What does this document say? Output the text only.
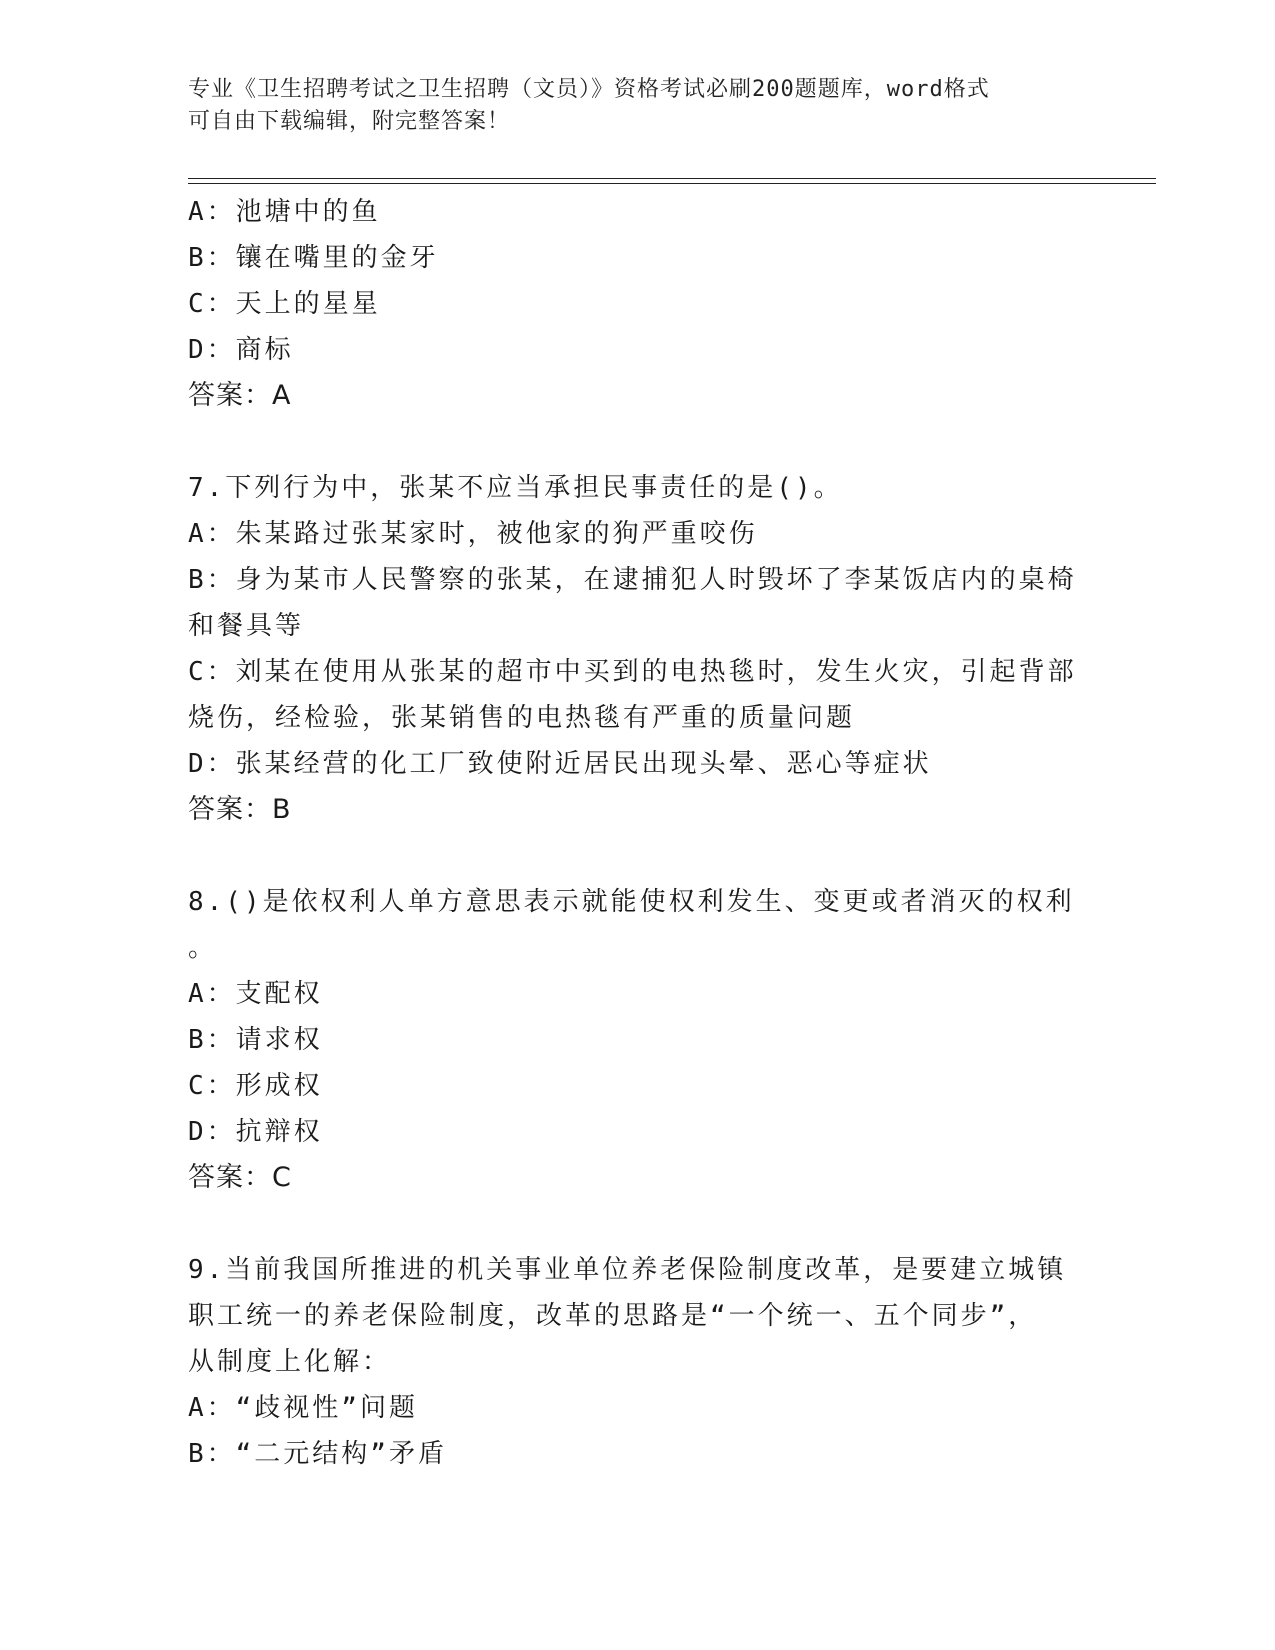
专业《卫生招聘考试之卫生招聘（文员）》资格考试必刷200题题库，word格式
可自由下载编辑，附完整答案！
A：池塘中的鱼
B：镶在嘴里的金牙
C：天上的星星
D：商标
答案：A
7.下列行为中，张某不应当承担民事责任的是()。
A：朱某路过张某家时，被他家的狗严重咬伤
B：身为某市人民警察的张某，在逮捕犯人时毁坏了李某饭店内的桌椅
和餐具等
C：刘某在使用从张某的超市中买到的电热毯时，发生火灾，引起背部
烧伤，经检验，张某销售的电热毯有严重的质量问题
D：张某经营的化工厂致使附近居民出现头晕、恶心等症状
答案：B
8.()是依权利人单方意思表示就能使权利发生、变更或者消灭的权利
。
A：支配权
B：请求权
C：形成权
D：抗辩权
答案：C
9.当前我国所推进的机关事业单位养老保险制度改革，是要建立城镇
职工统一的养老保险制度，改革的思路是“一个统一、五个同步”，
从制度上化解：
A：“歧视性”问题
B：“二元结构”矛盾
